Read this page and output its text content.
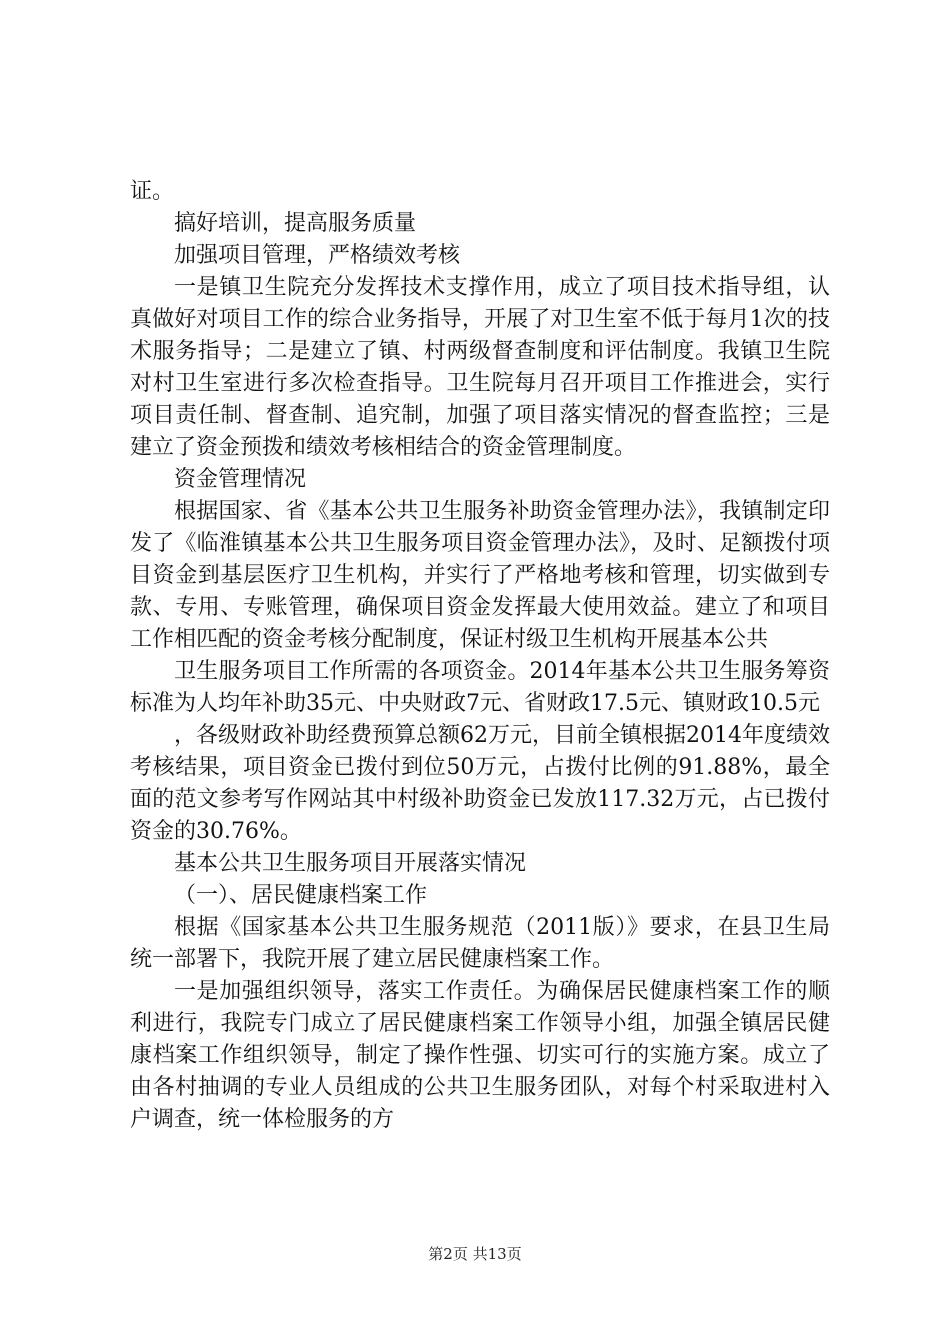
证。

搞好培训，提高服务质量

加强项目管理，严格绩效考核

一是镇卫生院充分发挥技术支撑作用，成立了项目技术指导组，认真做好对项目工作的综合业务指导，开展了对卫生室不低于每月1次的技术服务指导；二是建立了镇、村两级督查制度和评估制度。我镇卫生院对村卫生室进行多次检查指导。卫生院每月召开项目工作推进会，实行项目责任制、督查制、追究制，加强了项目落实情况的督查监控；三是建立了资金预拨和绩效考核相结合的资金管理制度。

资金管理情况

根据国家、省《基本公共卫生服务补助资金管理办法》，我镇制定印发了《临淮镇基本公共卫生服务项目资金管理办法》，及时、足额拨付项目资金到基层医疗卫生机构，并实行了严格地考核和管理，切实做到专款、专用、专账管理，确保项目资金发挥最大使用效益。建立了和项目工作相匹配的资金考核分配制度，保证村级卫生机构开展基本公共

卫生服务项目工作所需的各项资金。2014年基本公共卫生服务筹资标准为人均年补助35元、中央财政7元、省财政17.5元、镇财政10.5元

，各级财政补助经费预算总额62万元，目前全镇根据2014年度绩效考核结果，项目资金已拨付到位50万元，占拨付比例的91.88%，最全面的范文参考写作网站其中村级补助资金已发放117.32万元，占已拨付资金的30.76%。

基本公共卫生服务项目开展落实情况

（一）、居民健康档案工作

根据《国家基本公共卫生服务规范（2011版）》要求，在县卫生局统一部署下，我院开展了建立居民健康档案工作。

一是加强组织领导，落实工作责任。为确保居民健康档案工作的顺利进行，我院专门成立了居民健康档案工作领导小组，加强全镇居民健康档案工作组织领导，制定了操作性强、切实可行的实施方案。成立了由各村抽调的专业人员组成的公共卫生服务团队，对每个村采取进村入户调查，统一体检服务的方

第2页 共13页
